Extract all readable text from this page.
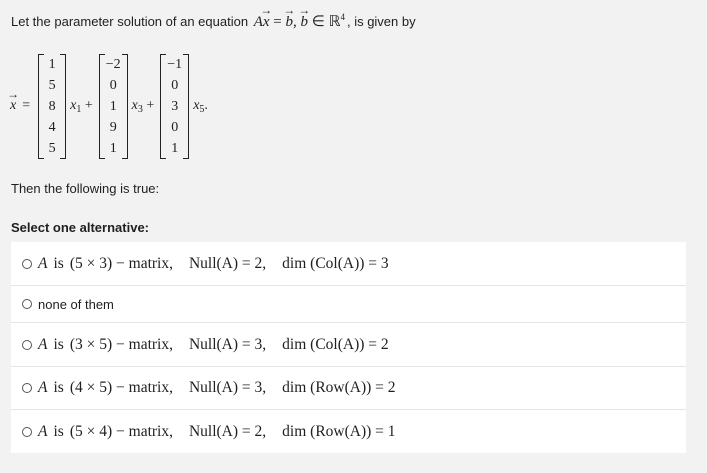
Let the parameter solution of an equation A→ x = → b, → b ∈ ℝ$^4$ , is given by
→ x =
1
5
8
4
5
$x_1$ +
−2
0
1
9
1
$x_3$ +
−1
0
3
0
1
$x_5$.
Then the following is true:
Select one alternative:
A is (5 × 3) − matrix, Null(A) = 2, dim (Col(A)) = 3
none of them
A is (3 × 5) − matrix, Null(A) = 3, dim (Col(A)) = 2
A is (4 × 5) − matrix, Null(A) = 3, dim (Row(A)) = 2
A is (5 × 4) − matrix, Null(A) = 2, dim (Row(A)) = 1
